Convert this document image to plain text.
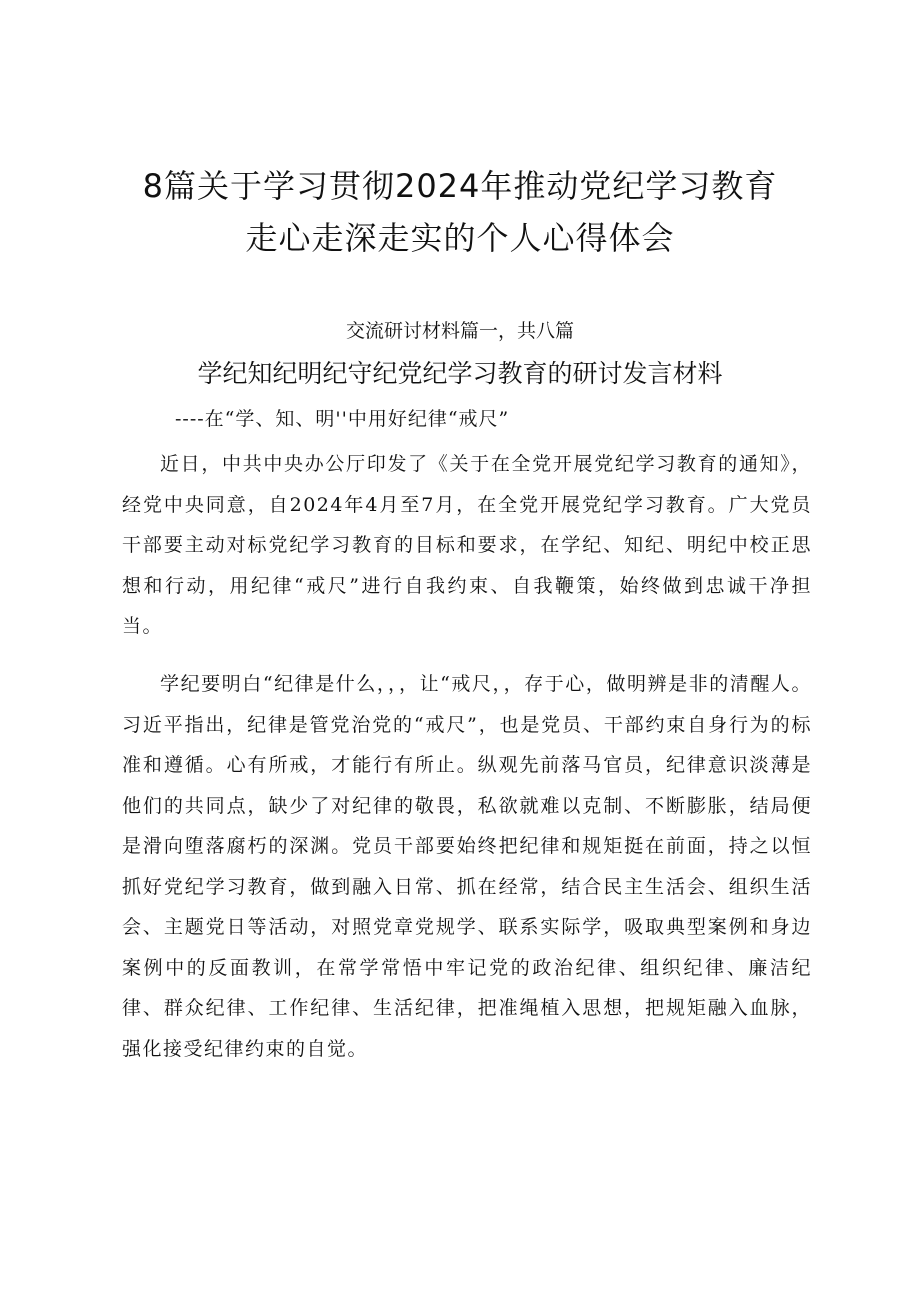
8篇关于学习贯彻2024年推动党纪学习教育
走心走深走实的个人心得体会
交流研讨材料篇一，共八篇
学纪知纪明纪守纪党纪学习教育的研讨发言材料
----在“学、知、明''中用好纪律“戒尺”

近日，中共中央办公厅印发了《关于在全党开展党纪学习教育的通知》，经党中央同意，自2024年4月至7月，在全党开展党纪学习教育。广大党员干部要主动对标党纪学习教育的目标和要求，在学纪、知纪、明纪中校正思想和行动，用纪律“戒尺”进行自我约束、自我鞭策，始终做到忠诚干净担当。

学纪要明白“纪律是什么，，，让“戒尺，，存于心，做明辨是非的清醒人。习近平指出，纪律是管党治党的“戒尺”，也是党员、干部约束自身行为的标准和遵循。心有所戒，才能行有所止。纵观先前落马官员，纪律意识淡薄是他们的共同点，缺少了对纪律的敬畏，私欲就难以克制、不断膨胀，结局便是滑向堕落腐朽的深渊。党员干部要始终把纪律和规矩挺在前面，持之以恒抓好党纪学习教育，做到融入日常、抓在经常，结合民主生活会、组织生活会、主题党日等活动，对照党章党规学、联系实际学，吸取典型案例和身边案例中的反面教训，在常学常悟中牢记党的政治纪律、组织纪律、廉洁纪律、群众纪律、工作纪律、生活纪律，把准绳植入思想，把规矩融入血脉，强化接受纪律约束的自觉。
